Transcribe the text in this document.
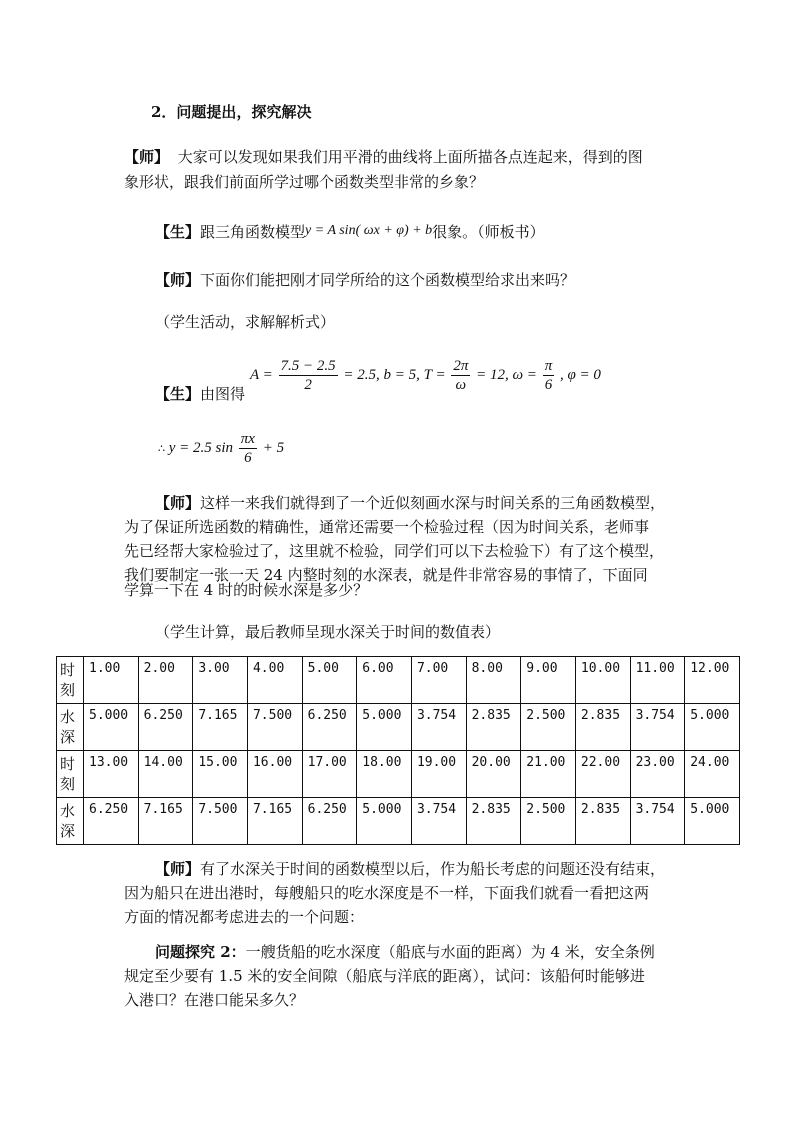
2．问题提出，探究解决
【师】 大家可以发现如果我们用平滑的曲线将上面所描各点连起来，得到的图
象形状，跟我们前面所学过哪个函数类型非常的乡象？
【生】跟三角函数模型y = A sin( ωx + φ) + b很象。（师板书）
【师】下面你们能把刚才同学所给的这个函数模型给求出来吗？
（学生活动，求解解析式）
【生】由图得
$A = \frac{7.5 - 2.5}{2} = 2.5$, b = 5, $T = \frac{2\pi}{\omega} = 12$, $\omega = \frac{\pi}{6}$ , φ = 0
∴ y = 2.5 $\sin \frac{\pi x}{6} + 5$
【师】这样一来我们就得到了一个近似刻画水深与时间关系的三角函数模型，
为了保证所选函数的精确性，通常还需要一个检验过程（因为时间关系，老师事
先已经帮大家检验过了，这里就不检验，同学们可以下去检验下）有了这个模型，
我们要制定一张一天 24 内整时刻的水深表，就是件非常容易的事情了，下面同
学算一下在 4 时的时候水深是多少？
（学生计算，最后教师呈现水深关于时间的数值表）
时
刻	1.00	2.00	3.00	4.00	5.00	6.00	7.00	8.00	9.00	10.00	11.00	12.00
水
深	5.000	6.250	7.165	7.500	6.250	5.000	3.754	2.835	2.500	2.835	3.754	5.000
时
刻	13.00	14.00	15.00	16.00	17.00	18.00	19.00	20.00	21.00	22.00	23.00	24.00
水
深	6.250	7.165	7.500	7.165	6.250	5.000	3.754	2.835	2.500	2.835	3.754	5.000
【师】有了水深关于时间的函数模型以后，作为船长考虑的问题还没有结束，
因为船只在进出港时，每艘船只的吃水深度是不一样，下面我们就看一看把这两
方面的情况都考虑进去的一个问题：
问题探究 2：一艘货船的吃水深度（船底与水面的距离）为 4 米，安全条例
规定至少要有 1.5 米的安全间隙（船底与洋底的距离），试问：该船何时能够进
入港口？在港口能呆多久？
